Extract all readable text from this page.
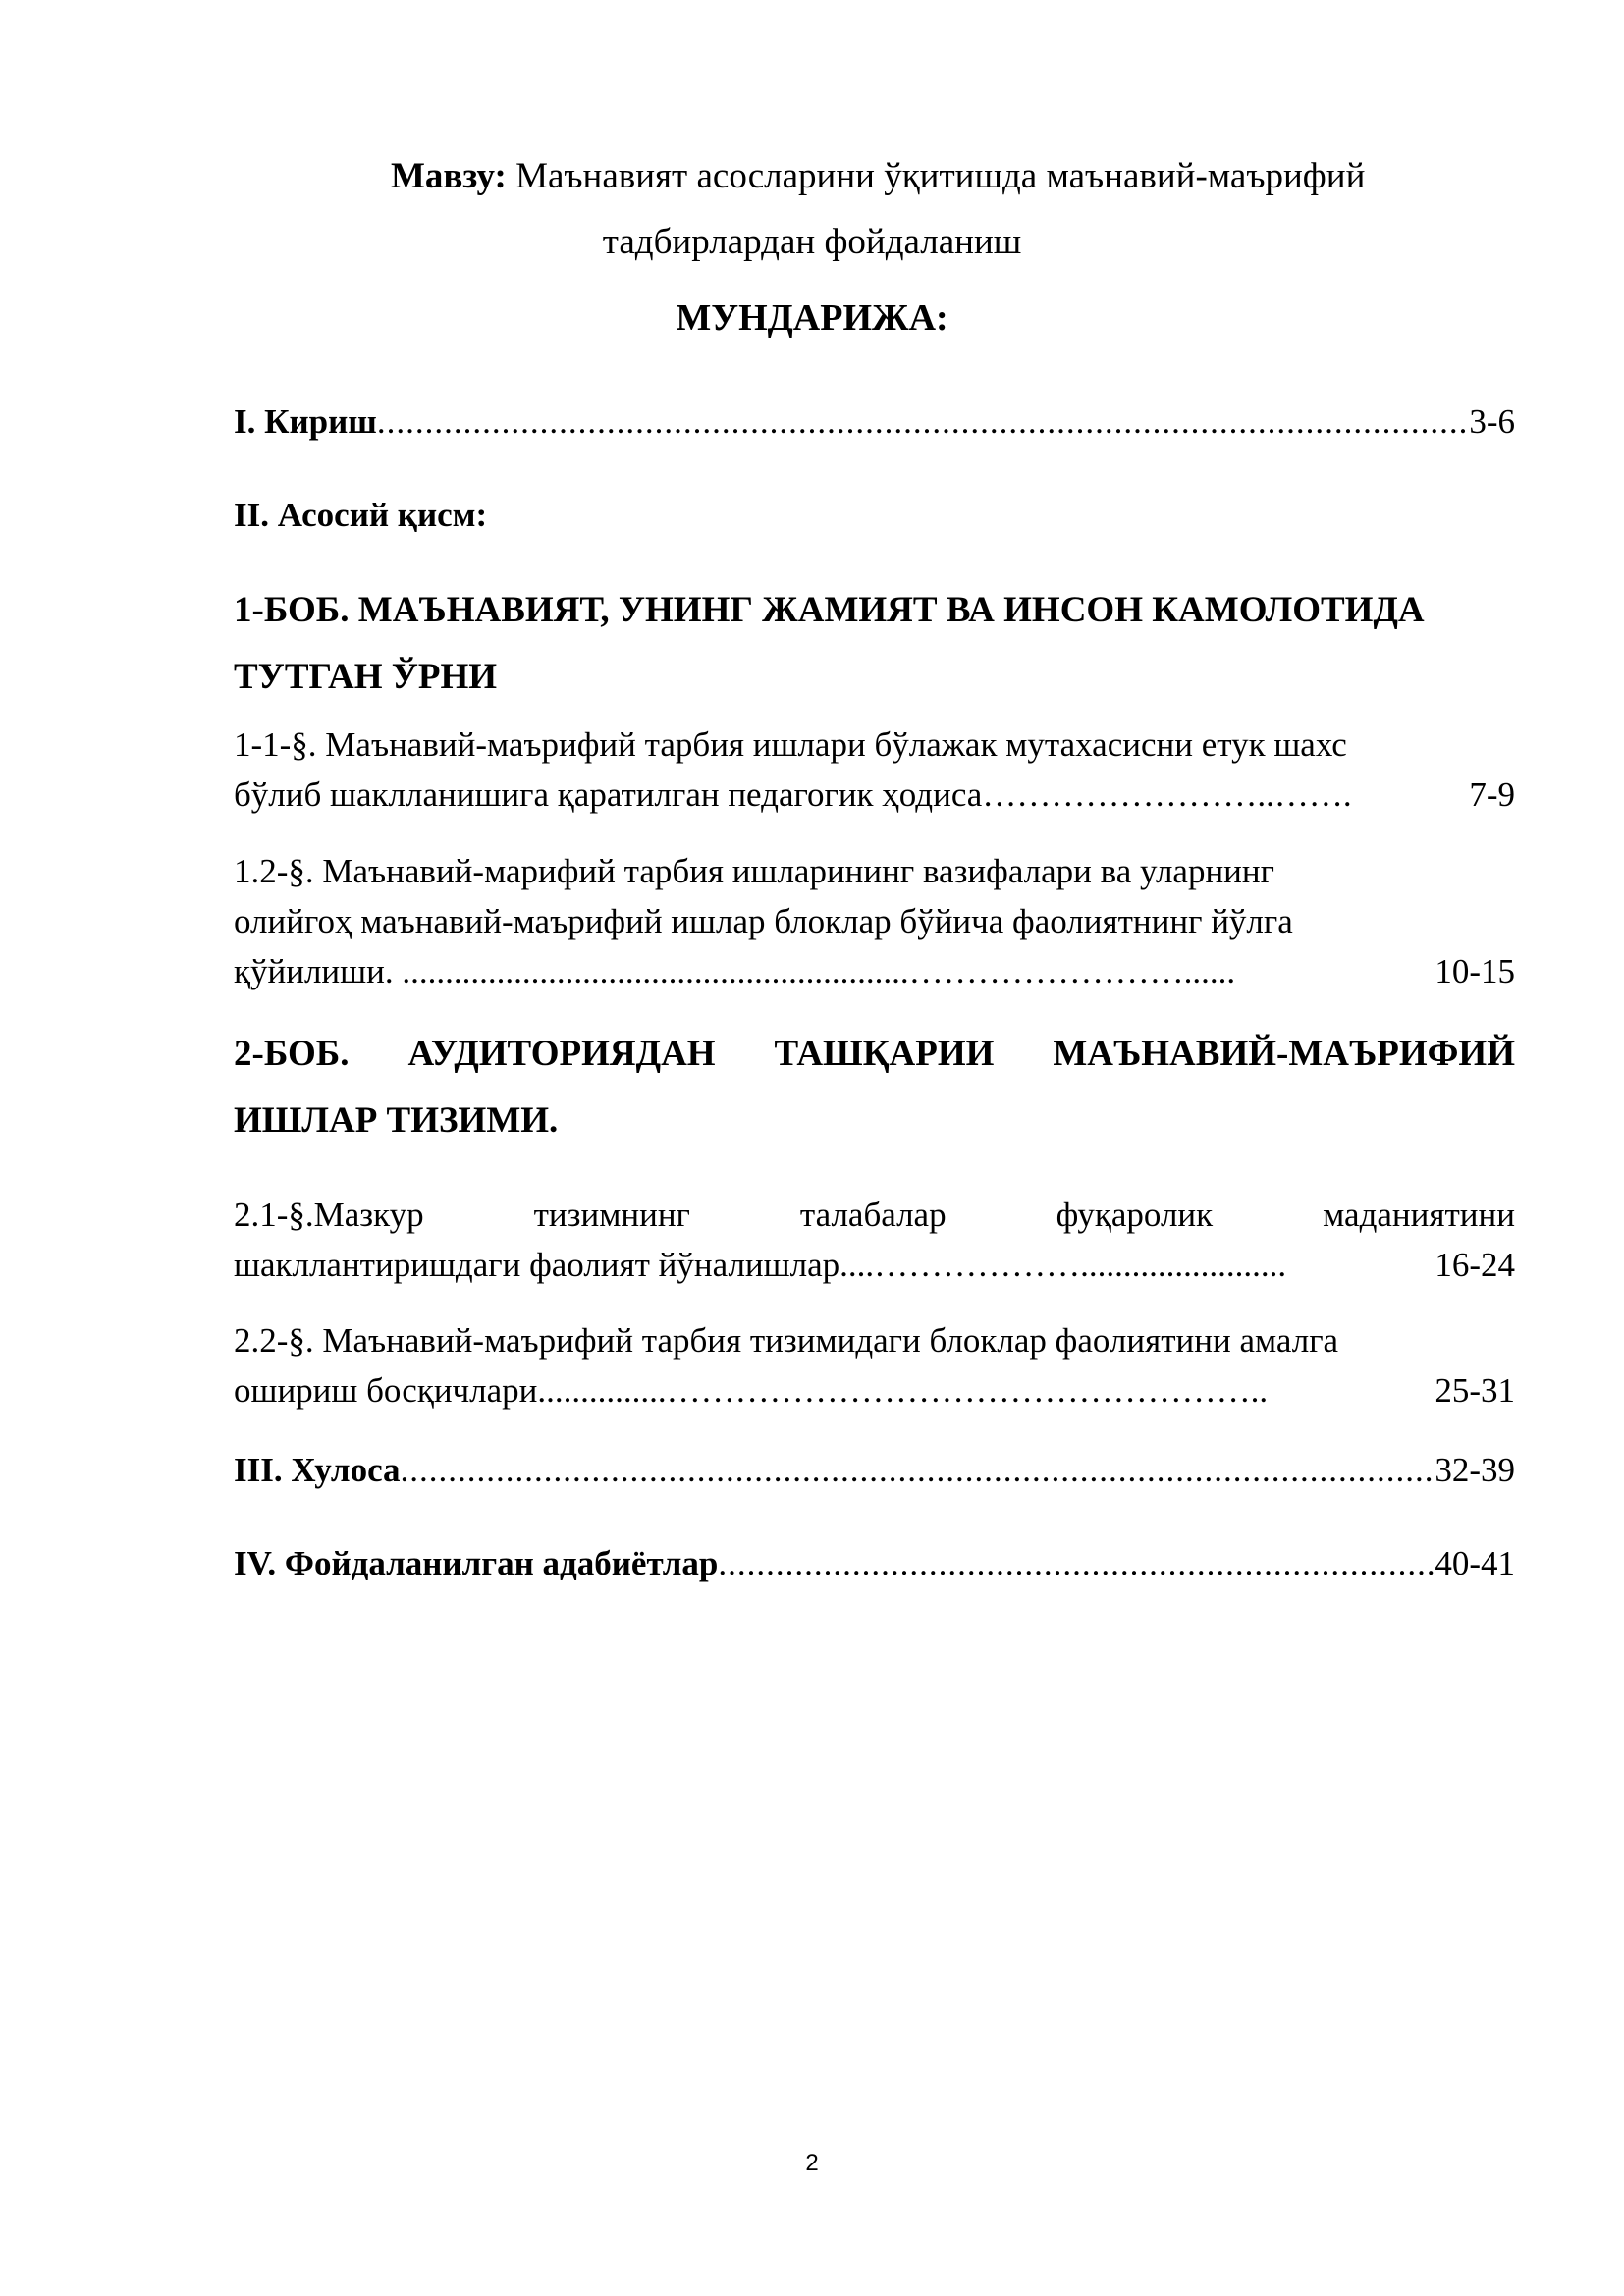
Мавзу: Маънавият асосларини ўқитишда маънавий-маърифий
тадбирлардан фойдаланиш
МУНДАРИЖА:
I. Кириш .....	3-6
II. Асосий қисм:
1-БОБ. МАЪНАВИЯТ, УНИНГ ЖАМИЯТ ВА ИНСОН КАМОЛОТИДА
ТУТГАН ЎРНИ
1-1-§. Маънавий-маърифий тарбия ишлари бўлажак мутахасисни етук шахс
бўлиб шаклланишига қаратилган педагогик ҳодиса……………………..…….	7-9
1.2-§. Маънавий-марифий тарбия ишларининг вазифалари ва уларнинг
олийгоҳ маънавий-маърифий ишлар блоклар бўйича фаолиятнинг йўлга
қўйилиши. ...........................................................……………………......	10-15
2-БОБ. АУДИТОРИЯДАН ТАШҚАРИИ МАЪНАВИЙ-МАЪРИФИЙ
ИШЛАР ТИЗИМИ.
2.1-§.Мазкур	тизимнинг	талабалар	фуқаролик	маданиятини
шакллантиришдаги фаолият йўналишлар....………………........................	16-24
2.2-§. Маънавий-маърифий тарбия тизимидаги блоклар фаолиятини амалга
ошириш босқичлари...............……………………………………………..	25-31
III. Хулоса .....	32-39
IV. Фойдаланилган адабиётлар .....	40-41
2
